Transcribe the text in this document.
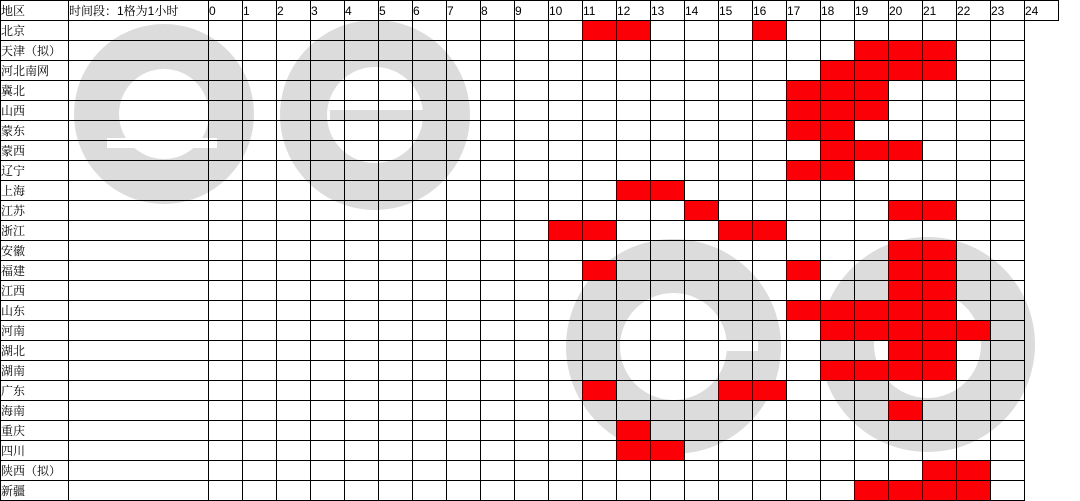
地区	时间段：1格为1小时	0	1	2	3	4	5	6	7	8	9	10	11	12	13	14	15	16	17	18	19	20	21	22	23	24
北京																										
天津（拟）																										
河北南网																										
冀北																										
山西																										
蒙东																										
蒙西																										
辽宁																										
上海																										
江苏																										
浙江																										
安徽																										
福建																										
江西																										
山东																										
河南																										
湖北																										
湖南																										
广东																										
海南																										
重庆																										
四川																										
陕西（拟）																										
新疆																										
